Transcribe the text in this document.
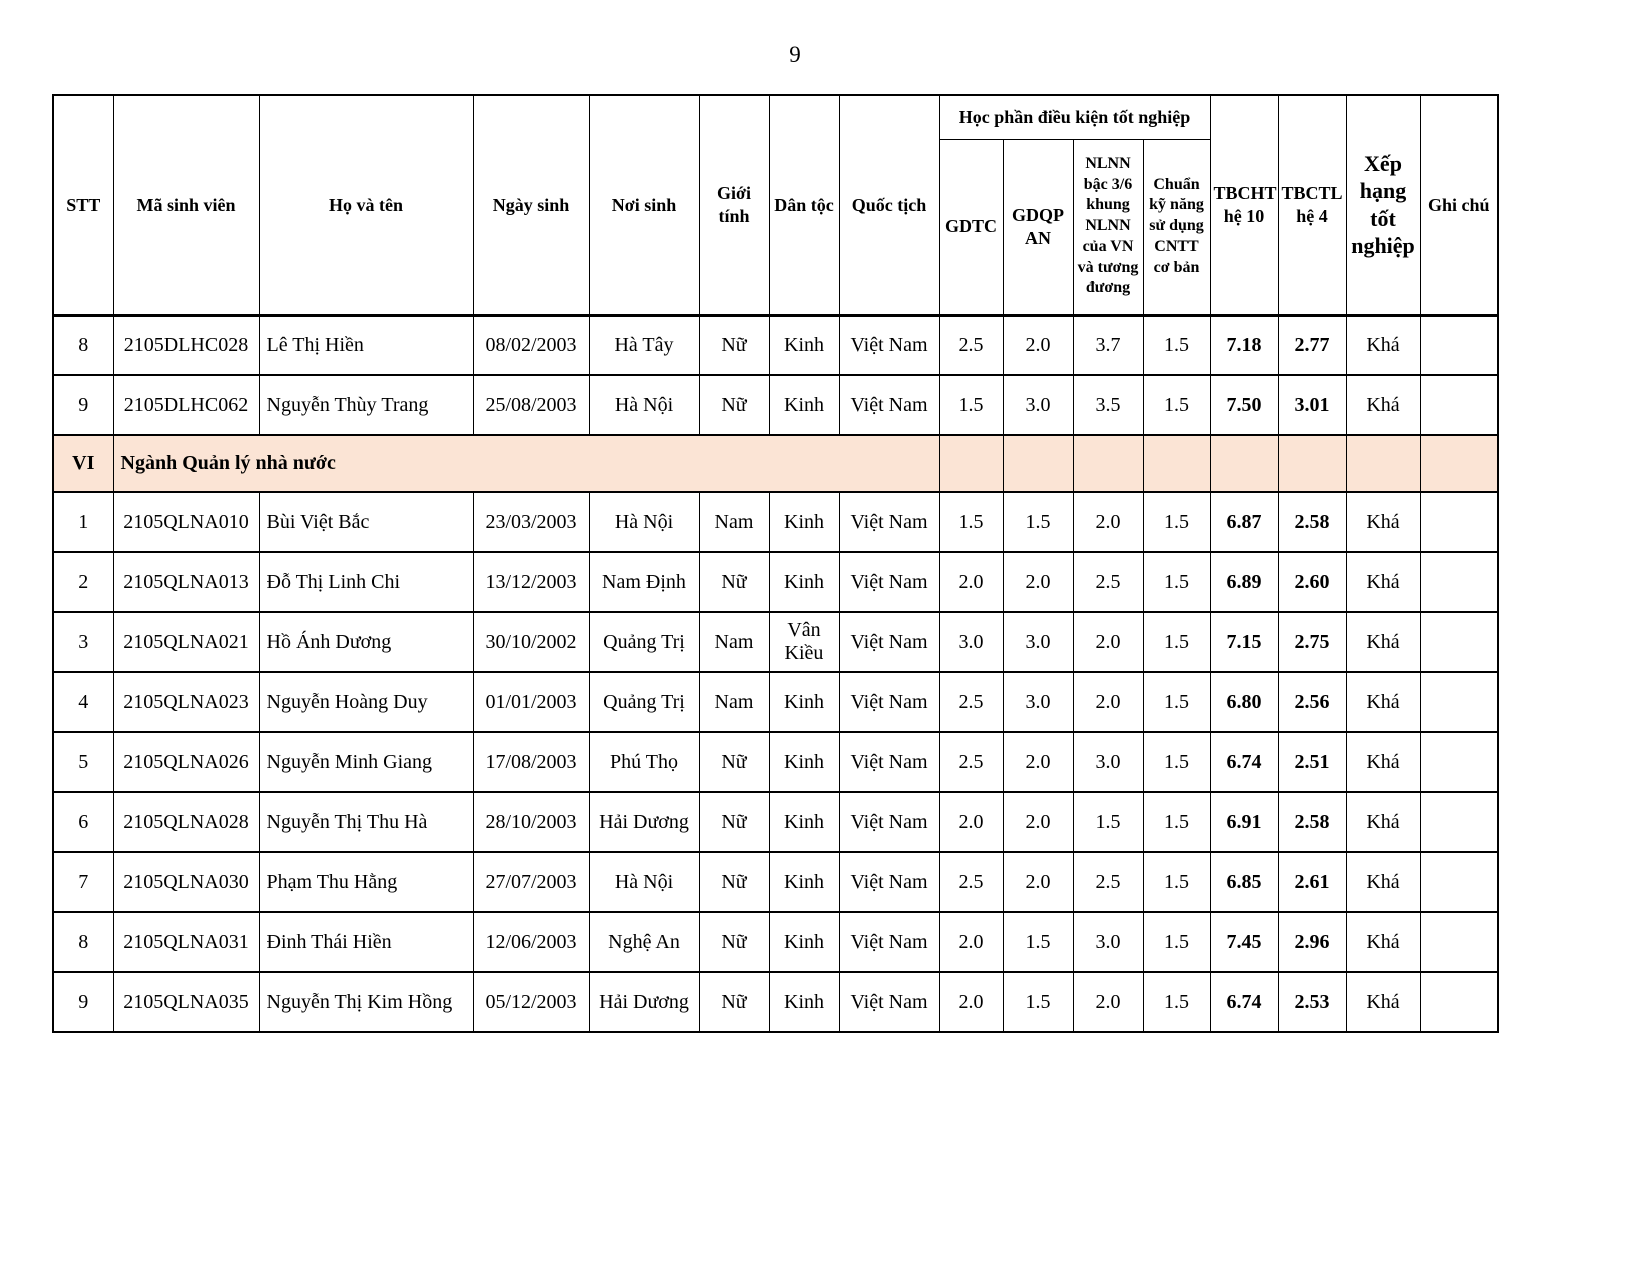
9
STT	Mã sinh viên	Họ và tên	Ngày sinh	Nơi sinh	Giới tính	Dân tộc	Quốc tịch	Học phần điều kiện tốt nghiệp				TBCHT hệ 10	TBCTL hệ 4	Xếp hạng tốt nghiệp	Ghi chú
								GDTC	GDQP AN	NLNN bậc 3/6 khung NLNN của VN và tương đương	Chuẩn kỹ năng sử dụng CNTT cơ bản				
8	2105DLHC028	Lê Thị Hiền	08/02/2003	Hà Tây	Nữ	Kinh	Việt Nam	2.5	2.0	3.7	1.5	7.18	2.77	Khá	
9	2105DLHC062	Nguyễn Thùy Trang	25/08/2003	Hà Nội	Nữ	Kinh	Việt Nam	1.5	3.0	3.5	1.5	7.50	3.01	Khá	
VI	Ngành Quản lý nhà nước														
1	2105QLNA010	Bùi Việt Bắc	23/03/2003	Hà Nội	Nam	Kinh	Việt Nam	1.5	1.5	2.0	1.5	6.87	2.58	Khá	
2	2105QLNA013	Đỗ Thị Linh Chi	13/12/2003	Nam Định	Nữ	Kinh	Việt Nam	2.0	2.0	2.5	1.5	6.89	2.60	Khá	
3	2105QLNA021	Hồ Ánh Dương	30/10/2002	Quảng Trị	Nam	Vân Kiều	Việt Nam	3.0	3.0	2.0	1.5	7.15	2.75	Khá	
4	2105QLNA023	Nguyễn Hoàng Duy	01/01/2003	Quảng Trị	Nam	Kinh	Việt Nam	2.5	3.0	2.0	1.5	6.80	2.56	Khá	
5	2105QLNA026	Nguyễn Minh Giang	17/08/2003	Phú Thọ	Nữ	Kinh	Việt Nam	2.5	2.0	3.0	1.5	6.74	2.51	Khá	
6	2105QLNA028	Nguyễn Thị Thu Hà	28/10/2003	Hải Dương	Nữ	Kinh	Việt Nam	2.0	2.0	1.5	1.5	6.91	2.58	Khá	
7	2105QLNA030	Phạm Thu Hằng	27/07/2003	Hà Nội	Nữ	Kinh	Việt Nam	2.5	2.0	2.5	1.5	6.85	2.61	Khá	
8	2105QLNA031	Đinh Thái Hiền	12/06/2003	Nghệ An	Nữ	Kinh	Việt Nam	2.0	1.5	3.0	1.5	7.45	2.96	Khá	
9	2105QLNA035	Nguyễn Thị Kim Hồng	05/12/2003	Hải Dương	Nữ	Kinh	Việt Nam	2.0	1.5	2.0	1.5	6.74	2.53	Khá	
